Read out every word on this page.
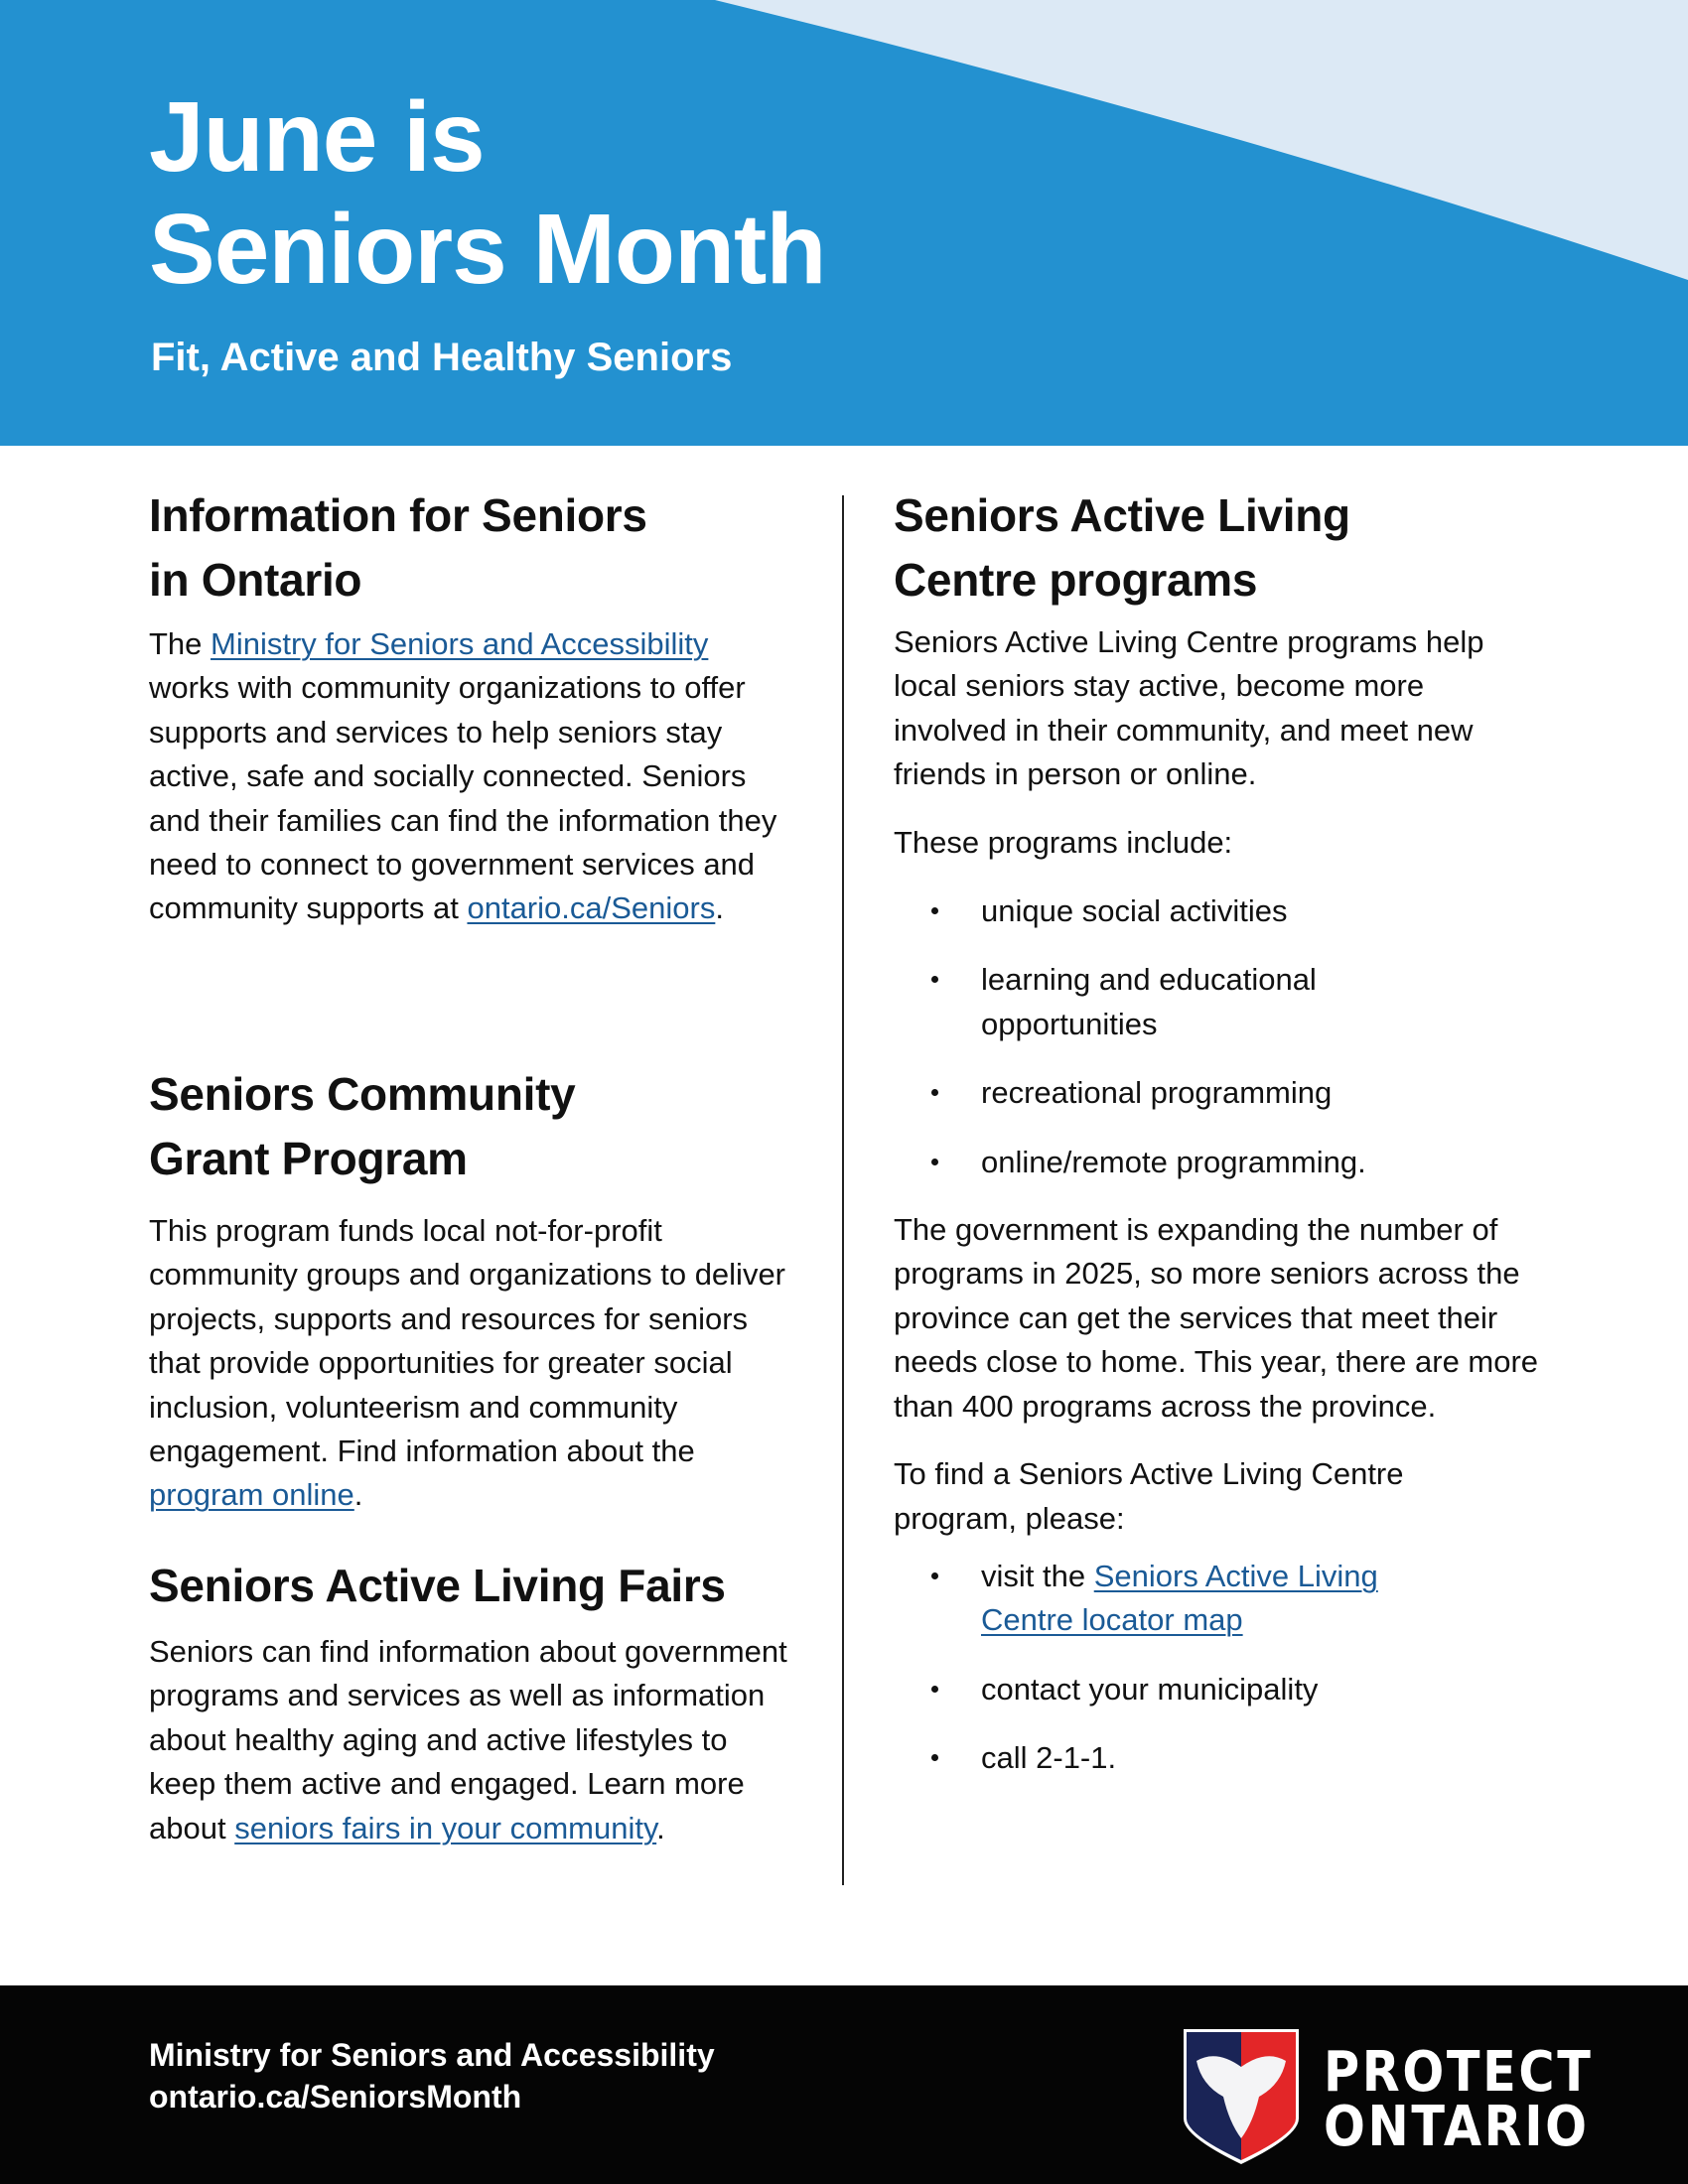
June is
Seniors Month

Fit, Active and Healthy Seniors

Information for Seniors
in Ontario

The Ministry for Seniors and Accessibility works with community organizations to offer supports and services to help seniors stay active, safe and socially connected. Seniors and their families can find the information they need to connect to government services and community supports at ontario.ca/Seniors.

Seniors Community
Grant Program

This program funds local not-for-profit community groups and organizations to deliver projects, supports and resources for seniors that provide opportunities for greater social inclusion, volunteerism and community engagement. Find information about the program online.

Seniors Active Living Fairs

Seniors can find information about government programs and services as well as information about healthy aging and active lifestyles to keep them active and engaged. Learn more about seniors fairs in your community.

Seniors Active Living
Centre programs

Seniors Active Living Centre programs help local seniors stay active, become more involved in their community, and meet new friends in person or online.

These programs include:

unique social activities
learning and educational opportunities
recreational programming
online/remote programming.

The government is expanding the number of programs in 2025, so more seniors across the province can get the services that meet their needs close to home. This year, there are more than 400 programs across the province.

To find a Seniors Active Living Centre program, please:

visit the Seniors Active Living Centre locator map
contact your municipality
call 2-1-1.

Ministry for Seniors and Accessibility

ontario.ca/SeniorsMonth	PROTECT
ONTARIO
